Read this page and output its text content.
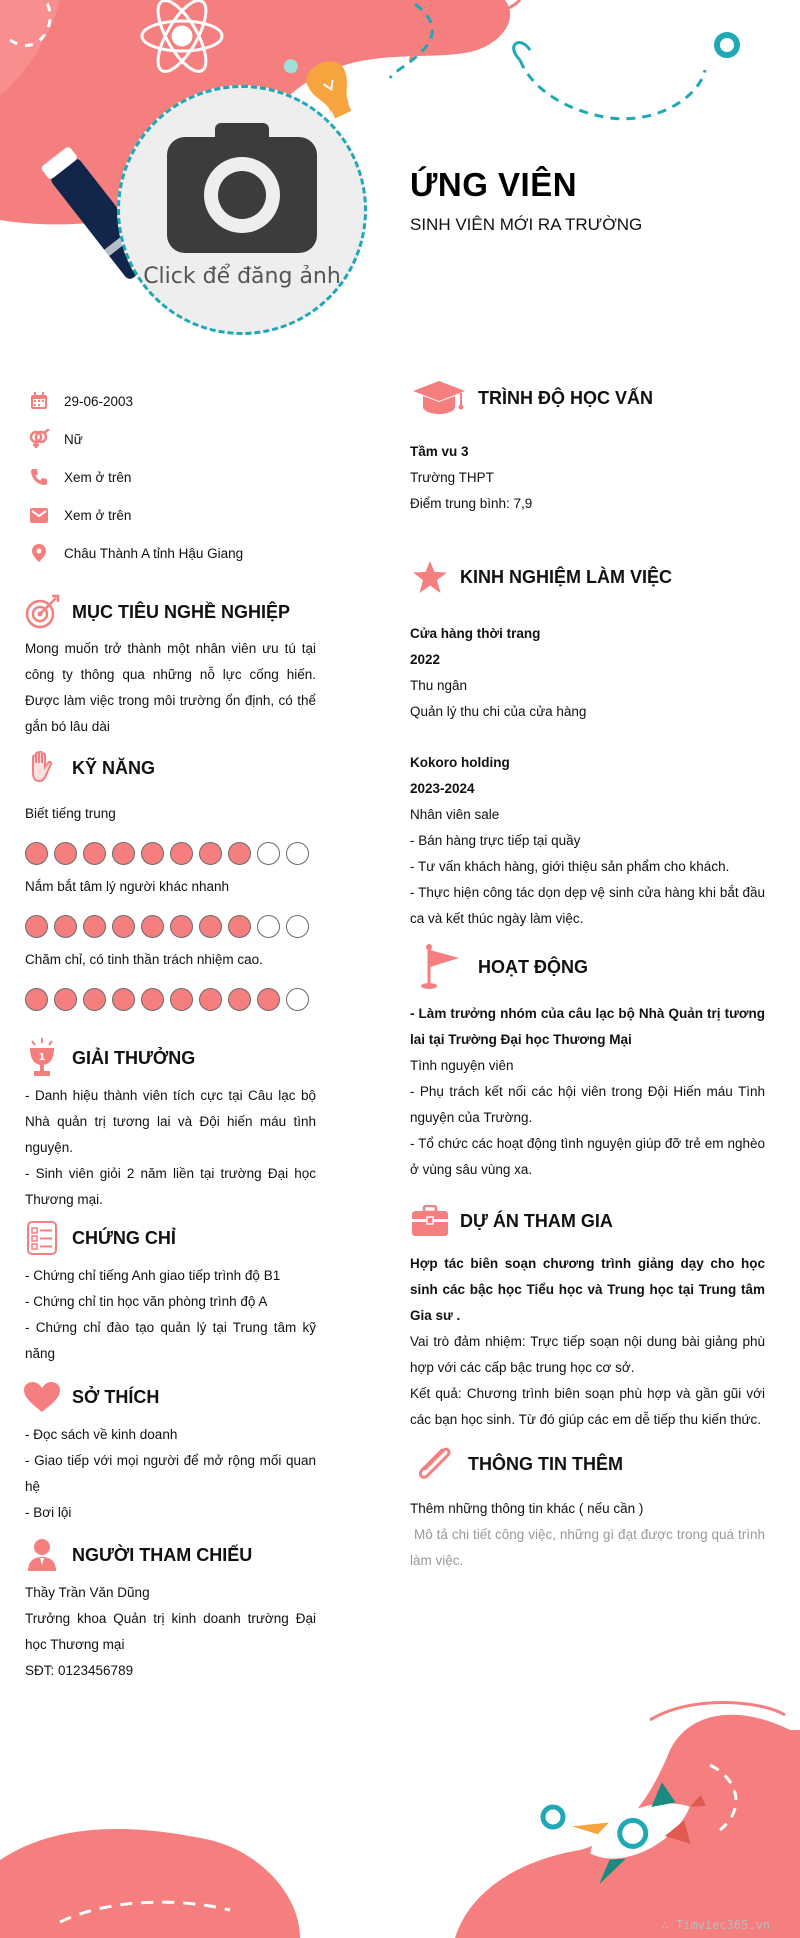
Click để đăng ảnh
ỨNG VIÊN
SINH VIÊN MỚI RA TRƯỜNG
29-06-2003
Nữ
Xem ở trên
Xem ở trên
Châu Thành A tỉnh Hậu Giang
MỤC TIÊU NGHỀ NGHIỆP
Mong muốn trở thành một nhân viên ưu tú tại công ty thông qua những nỗ lực cống hiến. Được làm việc trong môi trường ổn định, có thể gắn bó lâu dài
KỸ NĂNG
Biết tiếng trung
Nắm bắt tâm lý người khác nhanh
Chăm chỉ, có tinh thần trách nhiệm cao.
1 GIẢI THƯỞNG

- Danh hiệu thành viên tích cực tại Câu lạc bộ Nhà quản trị tương lai và Đội hiến máu tình nguyện.

- Sinh viên giỏi 2 năm liền tại trường Đại học Thương mại.

CHỨNG CHỈ

- Chứng chỉ tiếng Anh giao tiếp trình độ B1

- Chứng chỉ tin học văn phòng trình độ A

- Chứng chỉ đào tạo quản lý tại Trung tâm kỹ năng

SỞ THÍCH

- Đọc sách về kinh doanh

- Giao tiếp với mọi người để mở rộng mối quan hệ

- Bơi lội

NGƯỜI THAM CHIẾU

Thầy Trần Văn Dũng

Trưởng khoa Quản trị kinh doanh trường Đại học Thương mại

SĐT: 0123456789

TRÌNH ĐỘ HỌC VẤN

Tầm vu 3

Trường THPT

Điểm trung bình: 7,9

KINH NGHIỆM LÀM VIỆC

Cửa hàng thời trang

2022

Thu ngân

Quản lý thu chi của cửa hàng

Kokoro holding

2023-2024

Nhân viên sale

- Bán hàng trực tiếp tại quầy

- Tư vấn khách hàng, giới thiệu sản phẩm cho khách.

- Thực hiện công tác dọn dẹp vệ sinh cửa hàng khi bắt đầu ca và kết thúc ngày làm việc.

HOẠT ĐỘNG

- Làm trưởng nhóm của câu lạc bộ Nhà Quản trị tương lai tại Trường Đại học Thương Mại

Tình nguyện viên

- Phụ trách kết nối các hội viên trong Đội Hiến máu Tình nguyện của Trường.

- Tổ chức các hoạt động tình nguyện giúp đỡ trẻ em nghèo ở vùng sâu vùng xa.

DỰ ÁN THAM GIA

Hợp tác biên soạn chương trình giảng dạy cho học sinh các bậc học Tiểu học và Trung học tại Trung tâm Gia sư .

Vai trò đảm nhiệm: Trực tiếp soạn nội dung bài giảng phù hợp với các cấp bậc trung học cơ sở.

Kết quả: Chương trình biên soạn phù hợp và gần gũi với các bạn học sinh. Từ đó giúp các em dễ tiếp thu kiến thức.

THÔNG TIN THÊM

Thêm những thông tin khác ( nếu cần )

Mô tả chi tiết công việc, những gì đạt được trong quá trình làm việc.

∴ Timviec365.vn
